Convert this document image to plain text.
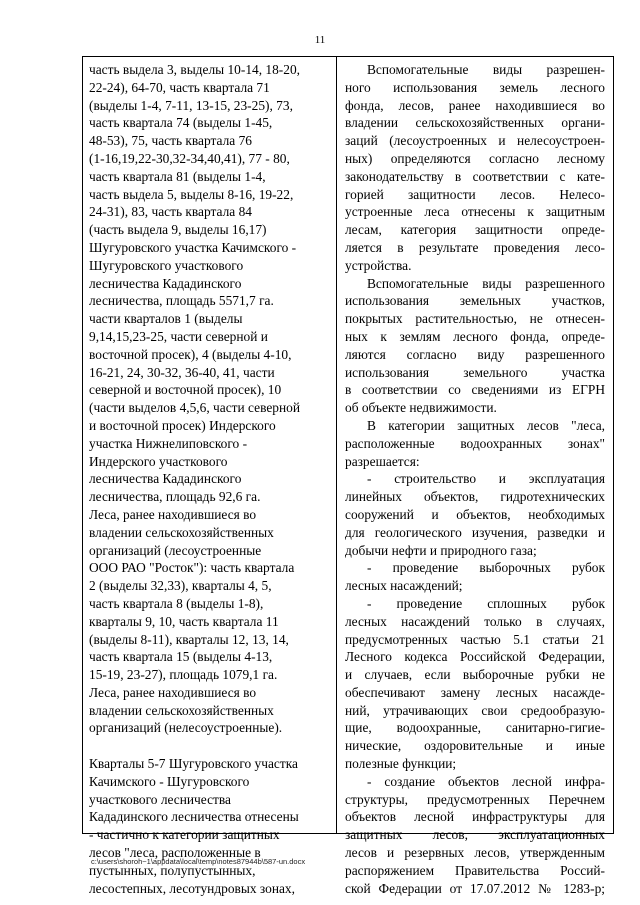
11
часть выдела 3, выделы 10-14, 18-20,
22-24), 64-70, часть квартала 71
(выделы 1-4, 7-11, 13-15, 23-25), 73,
часть квартала 74 (выделы 1-45,
48-53), 75, часть квартала 76
(1-16,19,22-30,32-34,40,41), 77 - 80,
часть квартала 81 (выделы 1-4,
часть выдела 5, выделы 8-16, 19-22,
24-31), 83, часть квартала 84
(часть выдела 9, выделы 16,17)
Шугуровского участка Качимского -
Шугуровского участкового
лесничества Кададинского
лесничества, площадь 5571,7 га.
части кварталов 1 (выделы
9,14,15,23-25, части северной и
восточной просек), 4 (выделы 4-10,
16-21, 24, 30-32, 36-40, 41, части
северной и восточной просек), 10
(части выделов 4,5,6, части северной
и восточной просек) Индерского
участка Нижнелиповского -
Индерского участкового
лесничества Кададинского
лесничества, площадь 92,6 га.
Леса, ранее находившиеся во
владении сельскохозяйственных
организаций (лесоустроенные
ООО РАО "Росток"): часть квартала
2 (выделы 32,33), кварталы 4, 5,
часть квартала 8 (выделы 1-8),
кварталы 9, 10, часть квартала 11
(выделы 8-11), кварталы 12, 13, 14,
часть квартала 15 (выделы 4-13,
15-19, 23-27), площадь 1079,1 га.
Леса, ранее находившиеся во
владении сельскохозяйственных
организаций (нелесоустроенные).
Кварталы 5-7 Шугуровского участка
Качимского - Шугуровского
участкового лесничества
Кададинского лесничества отнесены
- частично к категории защитных
лесов "леса, расположенные в
пустынных, полупустынных,
лесостепных, лесотундровых зонах,
Вспомогательные виды разрешен-
ного использования земель лесного
фонда, лесов, ранее находившиеся во
владении сельскохозяйственных органи-
заций (лесоустроенных и нелесоустроен-
ных) определяются согласно лесному
законодательству в соответствии с кате-
горией защитности лесов. Нелесо-
устроенные леса отнесены к защитным
лесам, категория защитности опреде-
ляется в результате проведения лесо-
устройства.
Вспомогательные виды разрешенного
использования земельных участков,
покрытых растительностью, не отнесен-
ных к землям лесного фонда, опреде-
ляются согласно виду разрешенного
использования земельного участка
в соответствии со сведениями из ЕГРН
об объекте недвижимости.
В категории защитных лесов "леса,
расположенные водоохранных зонах"
разрешается:
- строительство и эксплуатация
линейных объектов, гидротехнических
сооружений и объектов, необходимых
для геологического изучения, разведки и
добычи нефти и природного газа;
- проведение выборочных рубок
лесных насаждений;
- проведение сплошных рубок
лесных насаждений только в случаях,
предусмотренных частью 5.1 статьи 21
Лесного кодекса Российской Федерации,
и случаев, если выборочные рубки не
обеспечивают замену лесных насажде-
ний, утрачивающих свои средообразую-
щие, водоохранные, санитарно-гигие-
нические, оздоровительные и иные
полезные функции;
- создание объектов лесной инфра-
структуры, предусмотренных Перечнем
объектов лесной инфраструктуры для
защитных лесов, эксплуатационных
лесов и резервных лесов, утвержденным
распоряжением Правительства Россий-
ской Федерации от 17.07.2012 № 1283-р;
c:\users\shoroh~1\appdata\local\temp\notes87944b\587-un.docx
